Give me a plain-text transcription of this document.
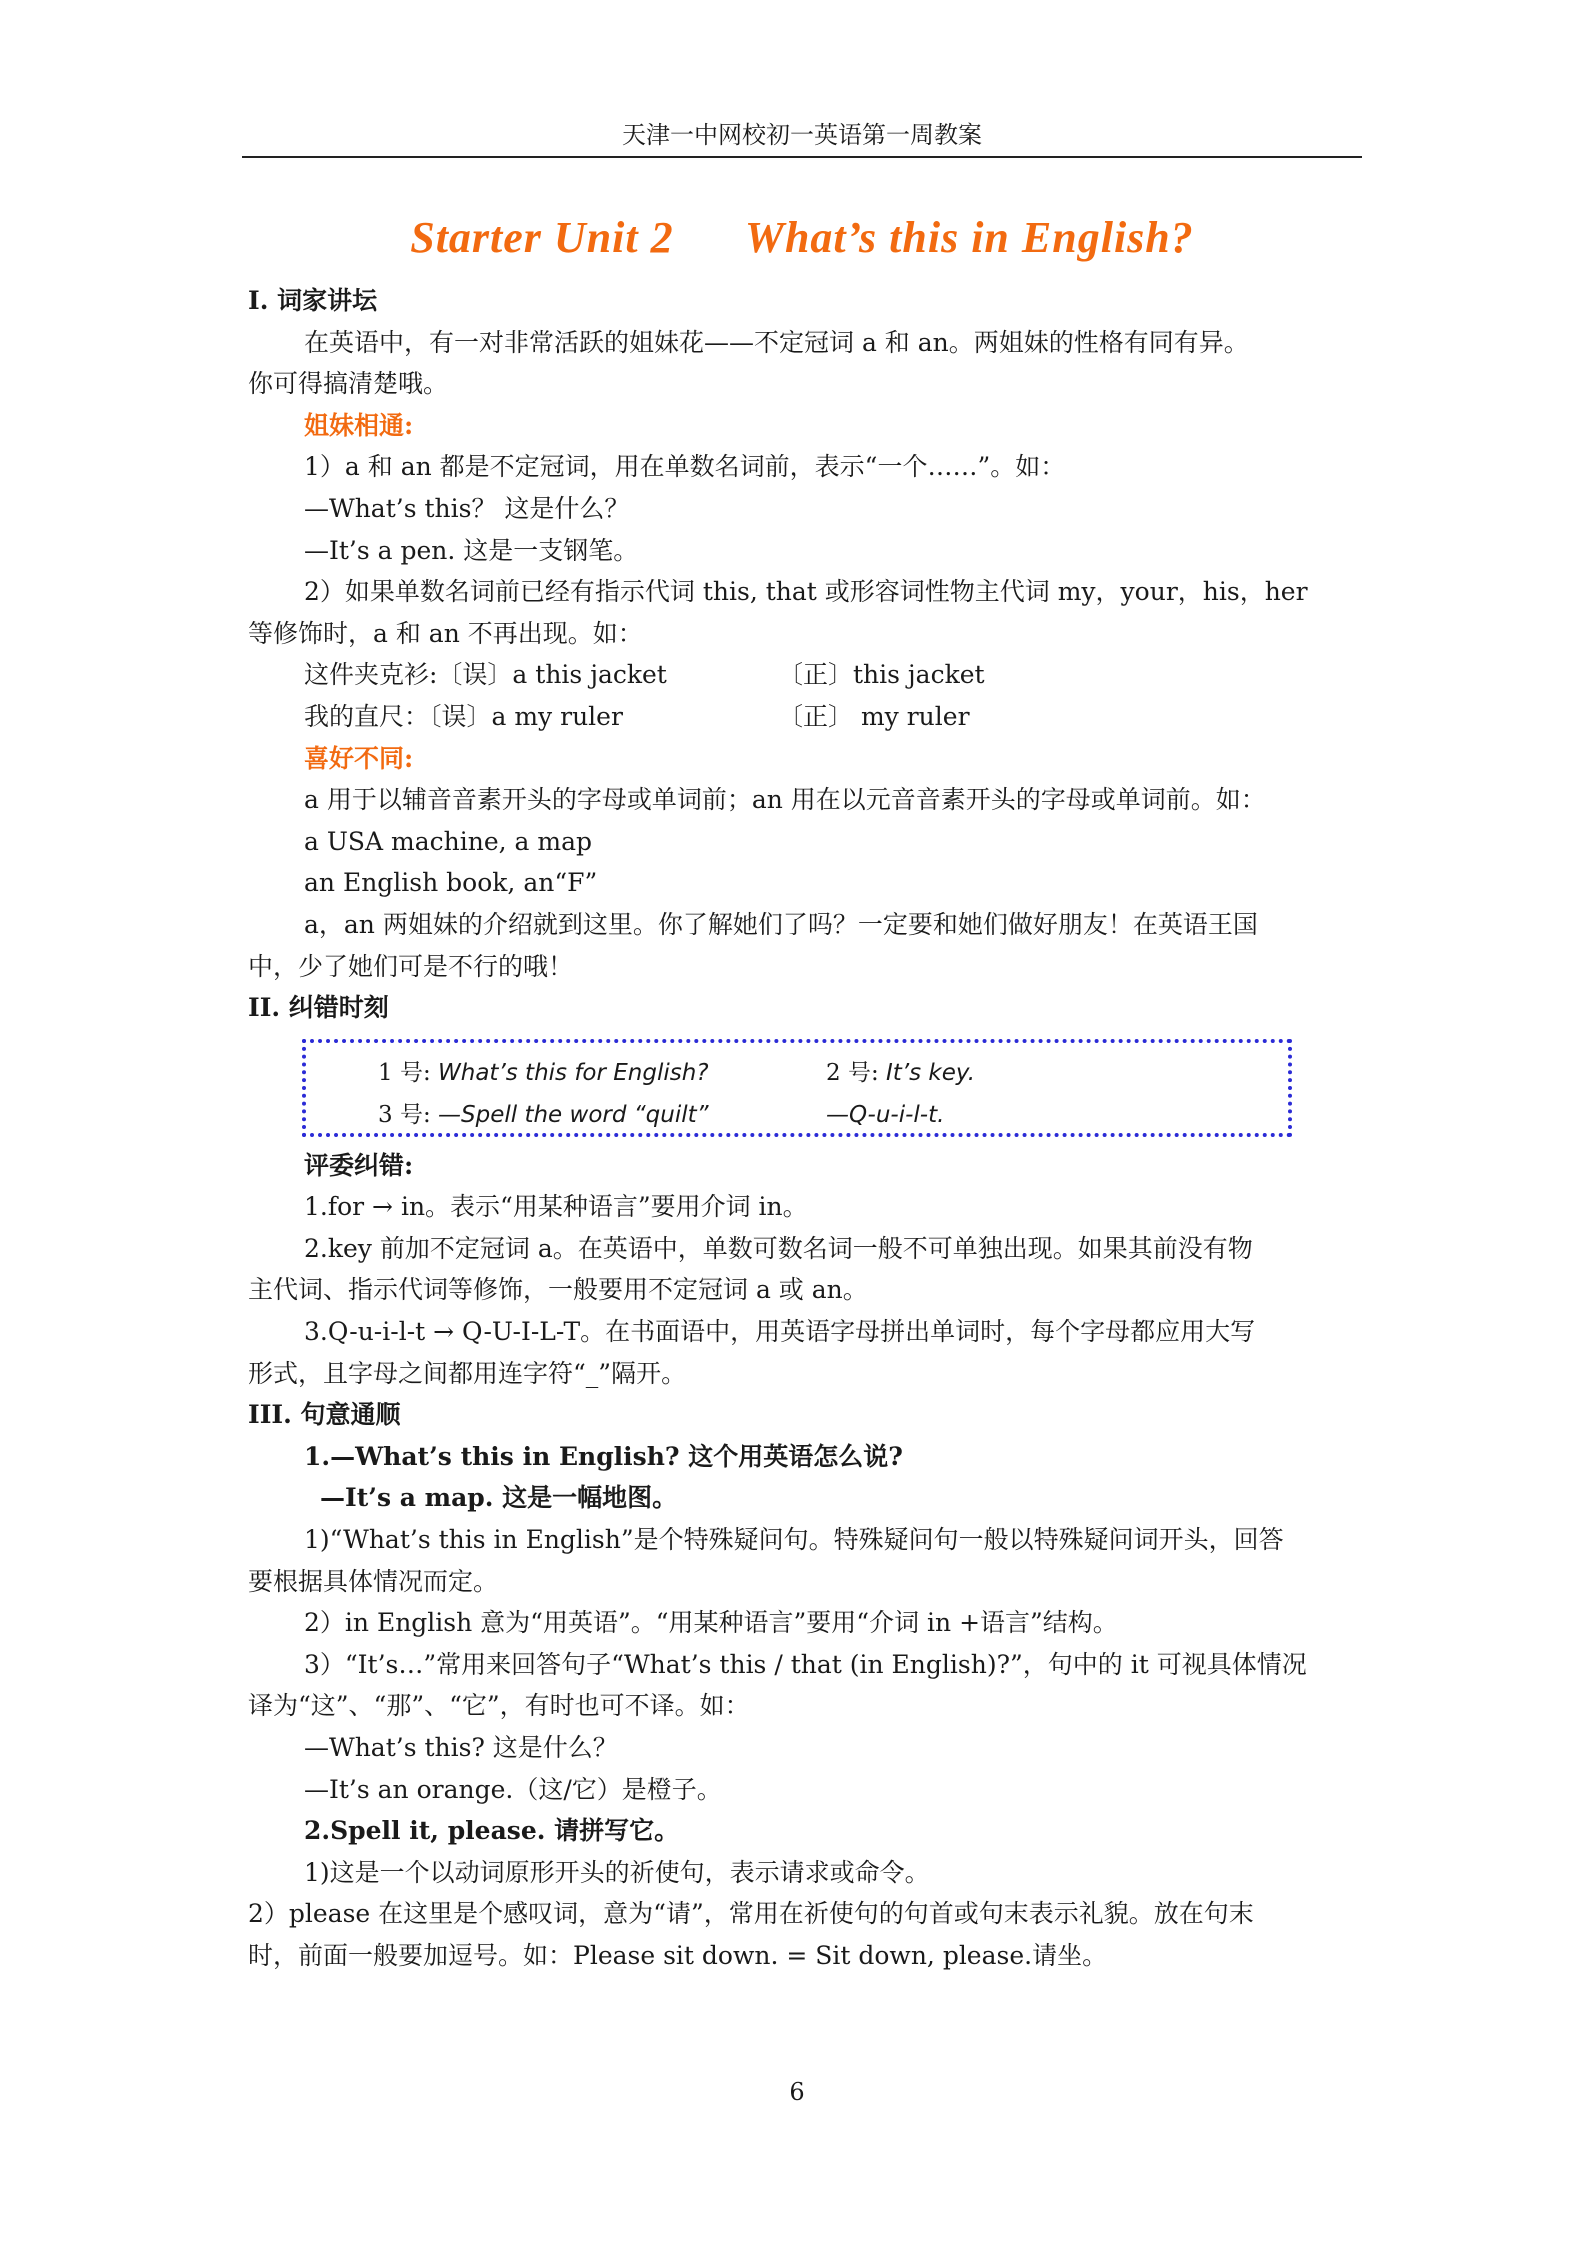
天津一中网校初一英语第一周教案
Starter Unit 2      What’s this in English?
I. 词家讲坛
在英语中，有一对非常活跃的姐妹花——不定冠词 a 和 an。两姐妹的性格有同有异。
你可得搞清楚哦。
姐妹相通:
1）a 和 an 都是不定冠词，用在单数名词前，表示“一个……”。如：
—What’s this？ 这是什么？
—It’s a pen. 这是一支钢笔。
2）如果单数名词前已经有指示代词 this, that 或形容词性物主代词 my，your，his，her
等修饰时，a 和 an 不再出现。如：
这件夹克衫:〔误〕a this jacket	〔正〕this jacket
我的直尺：〔误〕a my ruler	〔正〕 my ruler
喜好不同:
a 用于以辅音音素开头的字母或单词前；an 用在以元音音素开头的字母或单词前。如：
a USA machine, a map
an English book, an“F”
a，an 两姐妹的介绍就到这里。你了解她们了吗？一定要和她们做好朋友！在英语王国
中，少了她们可是不行的哦！
II. 纠错时刻
1 号: What’s this for English?	2 号: It’s key.
3 号: —Spell the word “quilt”	—Q-u-i-l-t.
评委纠错:
1.for → in。表示“用某种语言”要用介词 in。
2.key 前加不定冠词 a。在英语中，单数可数名词一般不可单独出现。如果其前没有物
主代词、指示代词等修饰，一般要用不定冠词 a 或 an。
3.Q-u-i-l-t → Q-U-I-L-T。在书面语中，用英语字母拼出单词时，每个字母都应用大写
形式，且字母之间都用连字符“_”隔开。
III. 句意通顺
1.—What’s this in English? 这个用英语怎么说?
—It’s a map. 这是一幅地图。
1)“What’s this in English”是个特殊疑问句。特殊疑问句一般以特殊疑问词开头，回答
要根据具体情况而定。
2）in English 意为“用英语”。“用某种语言”要用“介词 in +语言”结构。
3）“It’s…”常用来回答句子“What’s this / that (in English)?”，句中的 it 可视具体情况
译为“这”、“那”、“它”，有时也可不译。如：
—What’s this? 这是什么？
—It’s an orange.（这/它）是橙子。
2.Spell it, please. 请拼写它。
1)这是一个以动词原形开头的祈使句，表示请求或命令。
2）please 在这里是个感叹词，意为“请”，常用在祈使句的句首或句末表示礼貌。放在句末
时，前面一般要加逗号。如：Please sit down. = Sit down, please.请坐。
6
